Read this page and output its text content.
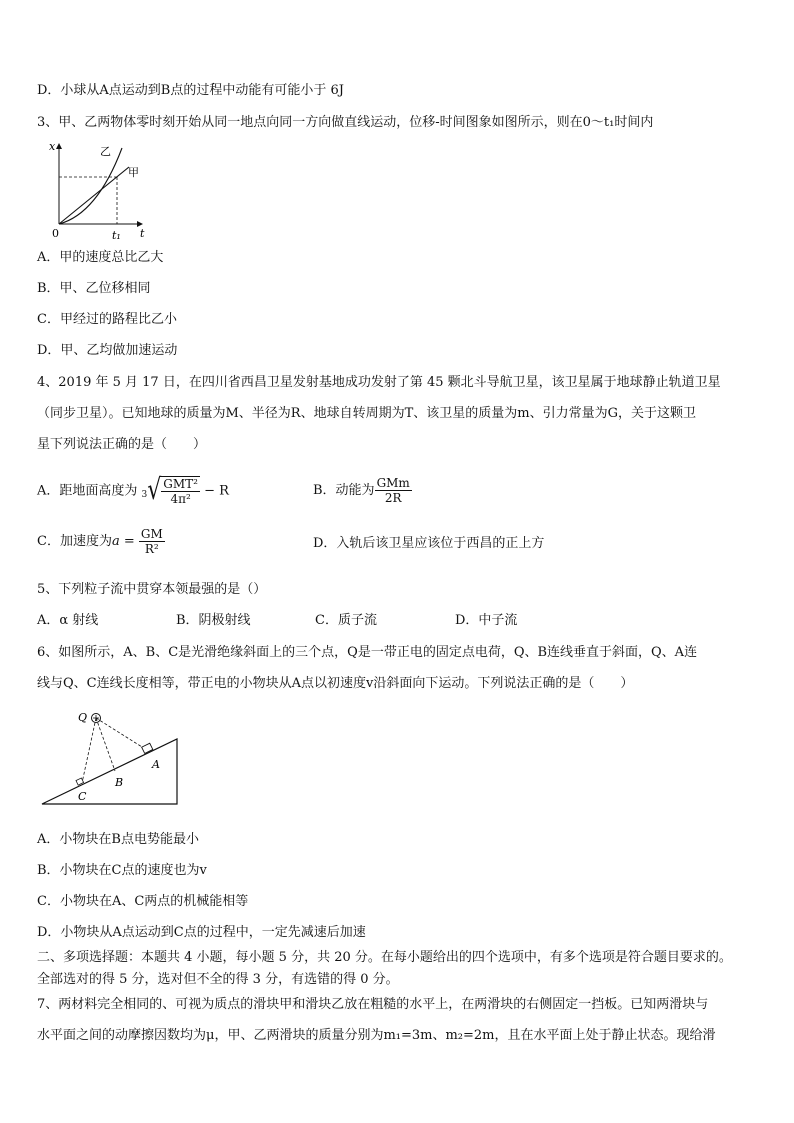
D．小球从A点运动到B点的过程中动能有可能小于 6J
3、甲、乙两物体零时刻开始从同一地点向同一方向做直线运动，位移-时间图象如图所示，则在0～t₁时间内
x
t
0	t₁
乙
甲
A．甲的速度总比乙大
B．甲、乙位移相同
C．甲经过的路程比乙小
D．甲、乙均做加速运动
4、2019 年 5 月 17 日，在四川省西昌卫星发射基地成功发射了第 45 颗北斗导航卫星，该卫星属于地球静止轨道卫星
（同步卫星）。已知地球的质量为M、半径为R、地球自转周期为T、该卫星的质量为m、引力常量为G，关于这颗卫
星下列说法正确的是（　　）
A．距地面高度为 $3√ \frac{\text{GMT²}}{\text{4π²}} - R$	B．动能为 $\frac{\text{GMm}}{2R}$
C．加速度为$a = \frac{GM}{\text{R²}}$	D．入轨后该卫星应该位于西昌的正上方
5、下列粒子流中贯穿本领最强的是（）
A．α 射线	B．阴极射线	C．质子流	D．中子流
6、如图所示，A、B、C是光滑绝缘斜面上的三个点，Q是一带正电的固定点电荷，Q、B连线垂直于斜面，Q、A连
线与Q、C连线长度相等，带正电的小物块从A点以初速度v沿斜面向下运动。下列说法正确的是（　　）
Q
A
B
C
A．小物块在B点电势能最小
B．小物块在C点的速度也为v
C．小物块在A、C两点的机械能相等
D．小物块从A点运动到C点的过程中，一定先减速后加速
二、多项选择题：本题共 4 小题，每小题 5 分，共 20 分。在每小题给出的四个选项中，有多个选项是符合题目要求的。
全部选对的得 5 分，选对但不全的得 3 分，有选错的得 0 分。
7、两材料完全相同的、可视为质点的滑块甲和滑块乙放在粗糙的水平上，在两滑块的右侧固定一挡板。已知两滑块与
水平面之间的动摩擦因数均为μ，甲、乙两滑块的质量分别为m₁=3m、m₂=2m，且在水平面上处于静止状态。现给滑
